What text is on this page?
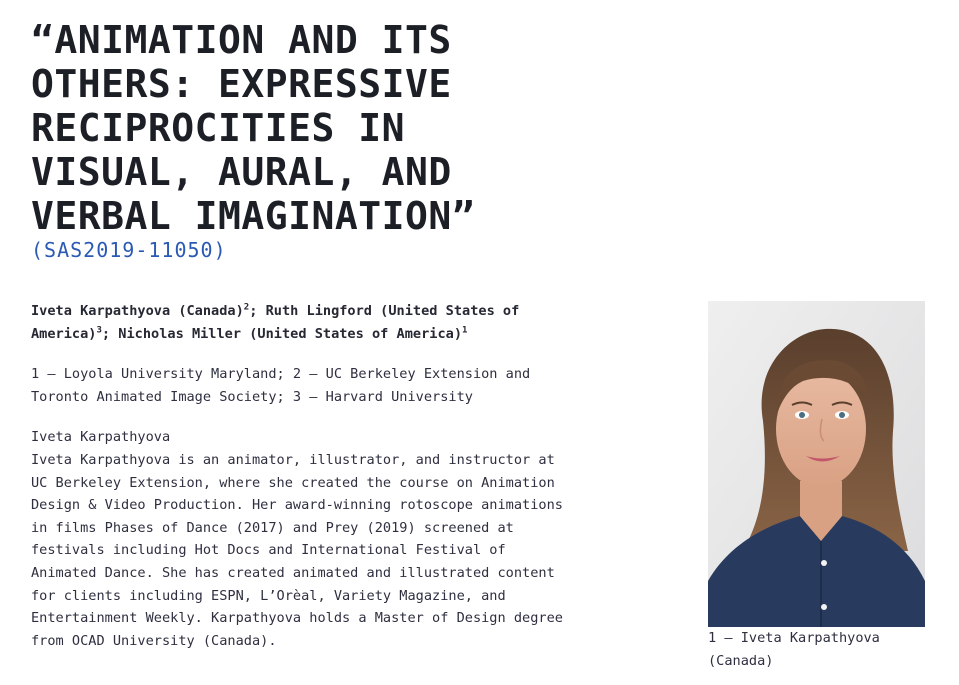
“ANIMATION AND ITS
OTHERS: EXPRESSIVE
RECIPROCITIES IN
VISUAL, AURAL, AND
VERBAL IMAGINATION”
(SAS2019-11050)

Iveta Karpathyova (Canada)$^2$; Ruth Lingford (United States of America)$^3$; Nicholas Miller (United States of America)$^1$

1 — Loyola University Maryland; 2 — UC Berkeley Extension and Toronto Animated Image Society; 3 — Harvard University

Iveta Karpathyova

Iveta Karpathyova is an animator, illustrator, and instructor at UC Berkeley Extension, where she created the course on Animation Design & Video Production. Her award-winning rotoscope animations in films Phases of Dance (2017) and Prey (2019) screened at festivals including Hot Docs and International Festival of Animated Dance. She has created animated and illustrated content for clients including ESPN, L’Orèal, Variety Magazine, and Entertainment Weekly. Karpathyova holds a Master of Design degree from OCAD University (Canada).	1 — Iveta Karpathyova (Canada)
